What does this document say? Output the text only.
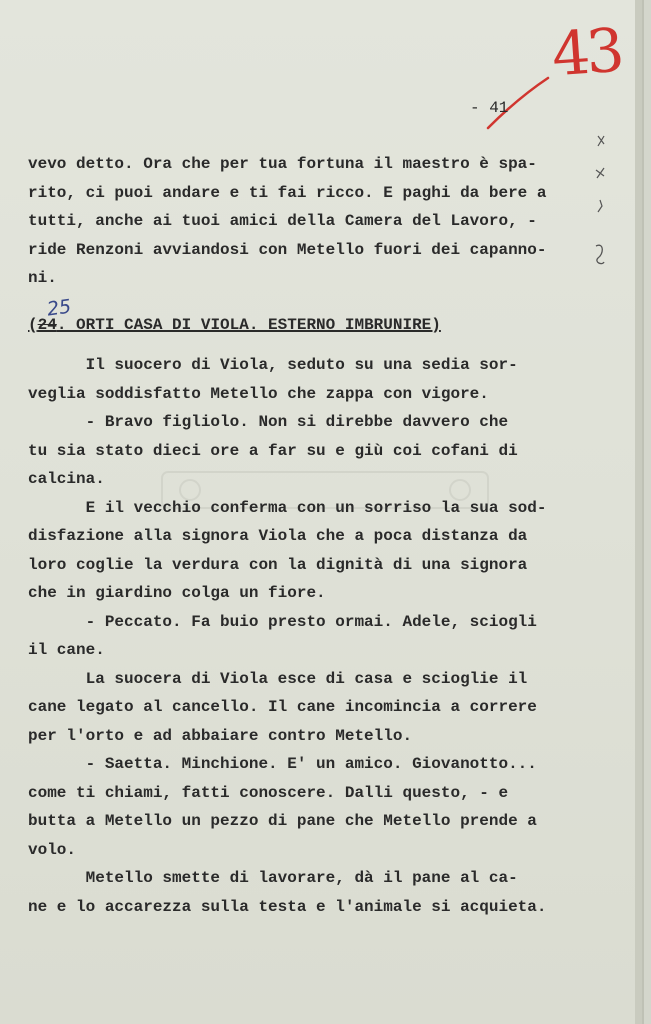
43
- 41
25
vevo detto. Ora che per tua fortuna il maestro è spa-
rito, ci puoi andare e ti fai ricco. E paghi da bere a
tutti, anche ai tuoi amici della Camera del Lavoro, -
ride Renzoni avviandosi con Metello fuori dei capanno-
ni.
(24. ORTI CASA DI VIOLA. ESTERNO IMBRUNIRE)
Il suocero di Viola, seduto su una sedia sor-
veglia soddisfatto Metello che zappa con vigore.
- Bravo figliolo. Non si direbbe davvero che
tu sia stato dieci ore a far su e giù coi cofani di
calcina.
E il vecchio conferma con un sorriso la sua sod-
disfazione alla signora Viola che a poca distanza da
loro coglie la verdura con la dignità di una signora
che in giardino colga un fiore.
- Peccato. Fa buio presto ormai. Adele, sciogli
il cane.
La suocera di Viola esce di casa e scioglie il
cane legato al cancello. Il cane incomincia a correre
per l'orto e ad abbaiare contro Metello.
- Saetta. Minchione. E' un amico. Giovanotto...
come ti chiami, fatti conoscere. Dalli questo, - e
butta a Metello un pezzo di pane che Metello prende a
volo.
Metello smette di lavorare, dà il pane al ca-
ne e lo accarezza sulla testa e l'animale si acquieta.
